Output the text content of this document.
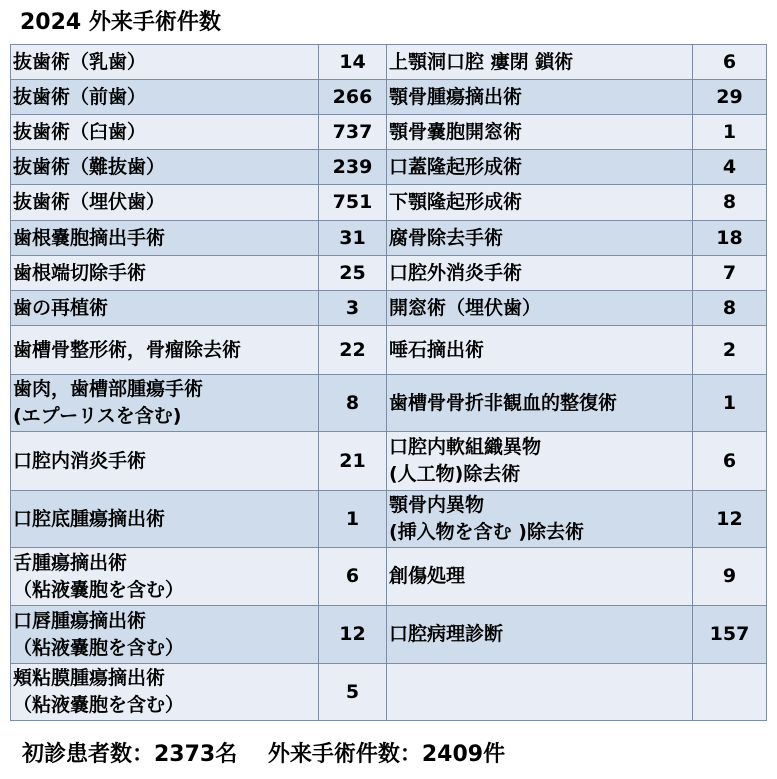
2024 外来手術件数
抜歯術（乳歯）	14	上顎洞口腔 瘻閉 鎖術	6
抜歯術（前歯）	266	顎骨腫瘍摘出術	29
抜歯術（臼歯）	737	顎骨嚢胞開窓術	1
抜歯術（難抜歯）	239	口蓋隆起形成術	4
抜歯術（埋伏歯）	751	下顎隆起形成術	8
歯根嚢胞摘出手術	31	腐骨除去手術	18
歯根端切除手術	25	口腔外消炎手術	7
歯の再植術	3	開窓術（埋伏歯）	8
歯槽骨整形術，骨瘤除去術	22	唾石摘出術	2
歯肉，歯槽部腫瘍手術
(エプーリスを含む)	8	歯槽骨骨折非観血的整復術	1
口腔内消炎手術	21	口腔内軟組織異物
(人工物)除去術	6
口腔底腫瘍摘出術	1	顎骨内異物
(挿入物を含む )除去術	12
舌腫瘍摘出術
（粘液嚢胞を含む）	6	創傷処理	9
口唇腫瘍摘出術
（粘液嚢胞を含む）	12	口腔病理診断	157
頬粘膜腫瘍摘出術
（粘液嚢胞を含む）	5		
初診患者数：2373名 外来手術件数：2409件
